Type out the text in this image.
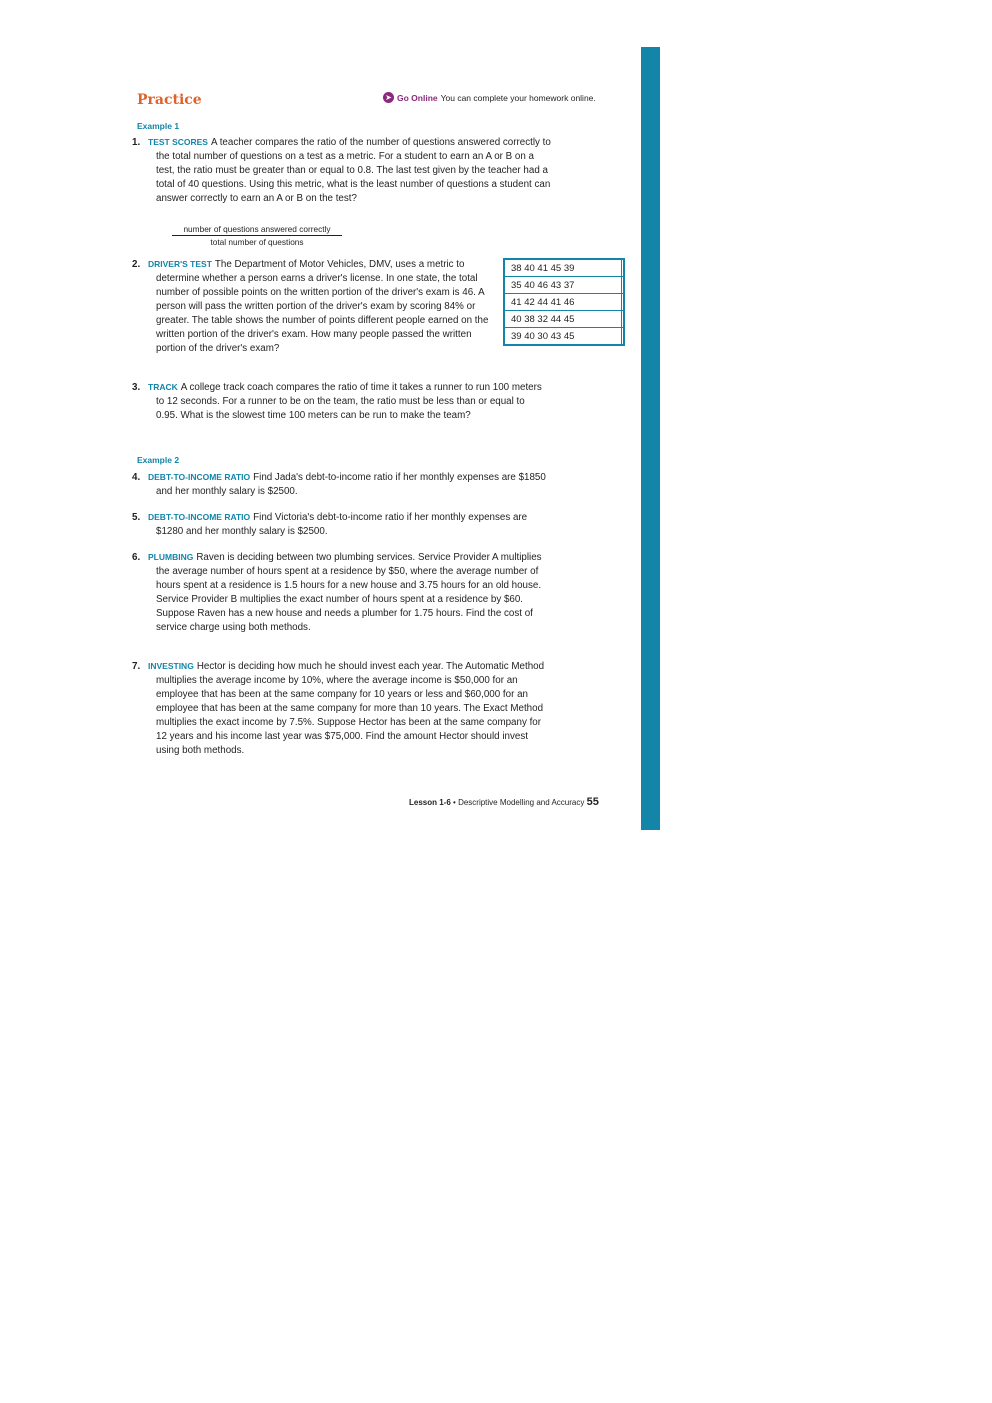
Practice	➤ Go Online You can complete your homework online.
Example 1
1. TEST SCORES A teacher compares the ratio of the number of questions answered correctly to the total number of questions on a test as a metric. For a student to earn an A or B on a test, the ratio must be greater than or equal to 0.8. The last test given by the teacher had a total of 40 questions. Using this metric, what is the least number of questions a student can answer correctly to earn an A or B on the test?
number of questions answered correctly
total number of questions
2. DRIVER'S TEST The Department of Motor Vehicles, DMV, uses a metric to determine whether a person earns a driver's license. In one state, the total number of possible points on the written portion of the driver's exam is 46. A person will pass the written portion of the driver's exam by scoring 84% or greater. The table shows the number of points different people earned on the written portion of the driver's exam. How many people passed the written portion of the driver's exam?
38 40 41 45 39	
35 40 46 43 37	
41 42 44 41 46	
40 38 32 44 45	
39 40 30 43 45	
3. TRACK A college track coach compares the ratio of time it takes a runner to run 100 meters to 12 seconds. For a runner to be on the team, the ratio must be less than or equal to 0.95. What is the slowest time 100 meters can be run to make the team?
Example 2
4. DEBT-TO-INCOME RATIO Find Jada's debt-to-income ratio if her monthly expenses are $1850 and her monthly salary is $2500.
5. DEBT-TO-INCOME RATIO Find Victoria's debt-to-income ratio if her monthly expenses are $1280 and her monthly salary is $2500.
6. PLUMBING Raven is deciding between two plumbing services. Service Provider A multiplies the average number of hours spent at a residence by $50, where the average number of hours spent at a residence is 1.5 hours for a new house and 3.75 hours for an old house. Service Provider B multiplies the exact number of hours spent at a residence by $60. Suppose Raven has a new house and needs a plumber for 1.75 hours. Find the cost of service charge using both methods.
7. INVESTING Hector is deciding how much he should invest each year. The Automatic Method multiplies the average income by 10%, where the average income is $50,000 for an employee that has been at the same company for 10 years or less and $60,000 for an employee that has been at the same company for more than 10 years. The Exact Method multiplies the exact income by 7.5%. Suppose Hector has been at the same company for 12 years and his income last year was $75,000. Find the amount Hector should invest using both methods.
Lesson 1-6 • Descriptive Modelling and Accuracy 55
